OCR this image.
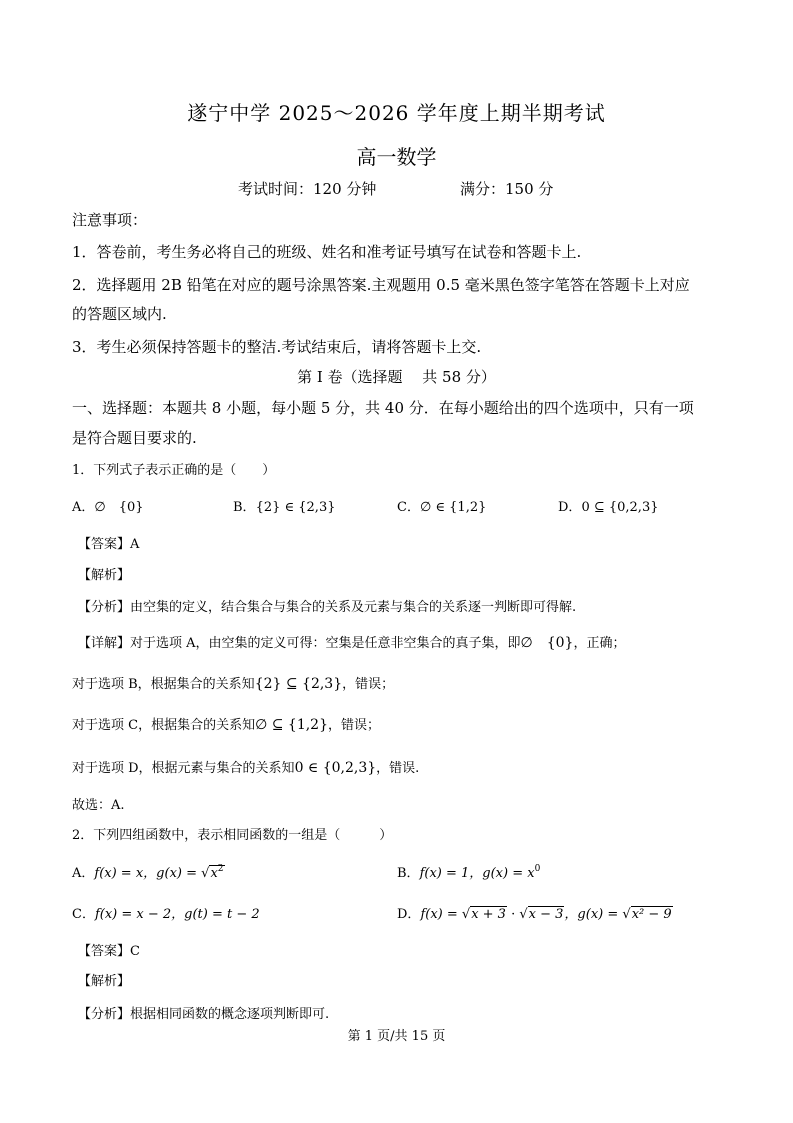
遂宁中学 2025～2026 学年度上期半期考试
高一数学
考试时间：120 分钟	满分：150 分
注意事项：
1．答卷前，考生务必将自己的班级、姓名和准考证号填写在试卷和答题卡上.
2．选择题用 2B 铅笔在对应的题号涂黑答案.主观题用 0.5 毫米黑色签字笔答在答题卡上对应
的答题区域内.
3．考生必须保持答题卡的整洁.考试结束后，请将答题卡上交.
第 I 卷（选择题　 共 58 分）
一、选择题：本题共 8 小题，每小题 5 分，共 40 分．在每小题给出的四个选项中，只有一项
是符合题目要求的.
1．下列式子表示正确的是（　　）
A．∅　{0}	B．{2} ∈ {2,3}	C．∅ ∈ {1,2}	D．0 ⊆ {0,2,3}
【答案】A
【解析】
【分析】由空集的定义，结合集合与集合的关系及元素与集合的关系逐一判断即可得解.
【详解】对于选项 A，由空集的定义可得：空集是任意非空集合的真子集，即∅　{0}，正确；
对于选项 B，根据集合的关系知{2} ⊆ {2,3}，错误；
对于选项 C，根据集合的关系知∅ ⊆ {1,2}，错误；
对于选项 D，根据元素与集合的关系知0 ∈ {0,2,3}，错误.
故选：A.
2．下列四组函数中，表示相同函数的一组是（　　　）
A．f(x) = x，$g(x) = √x^2$	B．f(x) = 1，$g(x) = x^0$
C．f(x) = x − 2，g(t) = t − 2	D．f(x) = √x + 3 · √x − 3，g(x) = √x² − 9
【答案】C
【解析】
【分析】根据相同函数的概念逐项判断即可.
第 1 页/共 15 页
